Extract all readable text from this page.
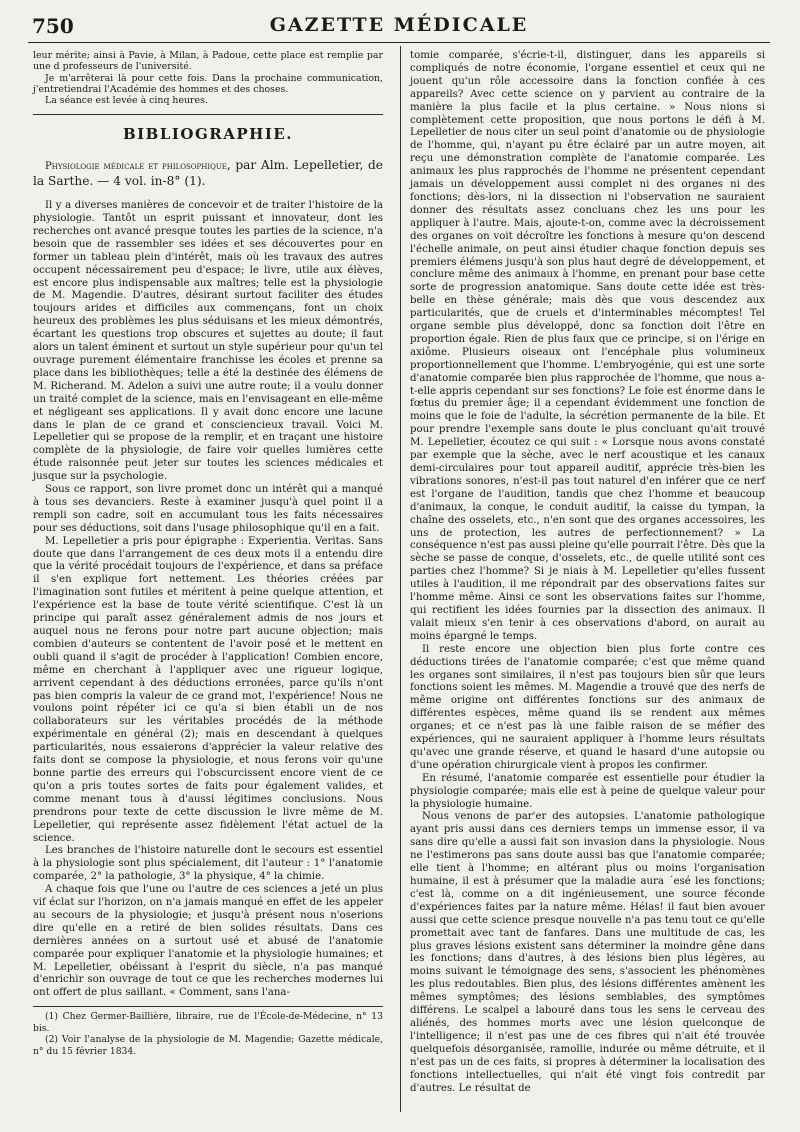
750	GAZETTE MÉDICALE

leur mérite; ainsi à Pavie, à Milan, à Padoue, cette place est remplie par une d professeurs de l'université.

Je m'arrêterai là pour cette fois. Dans la prochaine communication, j'entretiendrai l'Académie des hommes et des choses.

La séance est levée à cinq heures.

BIBLIOGRAPHIE.
Physiologie médicale et philosophique, par Alm. Lepelletier, de la Sarthe. — 4 vol. in-8° (1).

Il y a diverses manières de concevoir et de traiter l'histoire de la physiologie. Tantôt un esprit puissant et innovateur, dont les recherches ont avancé presque toutes les parties de la science, n'a besoin que de rassembler ses idées et ses découvertes pour en former un tableau plein d'intérêt, mais où les travaux des autres occupent nécessairement peu d'espace; le livre, utile aux élèves, est encore plus indispensable aux maîtres; telle est la physiologie de M. Magendie. D'autres, désirant surtout faciliter des études toujours arides et difficiles aux commençans, font un choix heureux des problèmes les plus séduisans et les mieux démontrés, écartant les questions trop obscures et sujettes au doute; il faut alors un talent éminent et surtout un style supérieur pour qu'un tel ouvrage purement élémentaire franchisse les écoles et prenne sa place dans les bibliothèques; telle a été la destinée des élémens de M. Richerand. M. Adelon a suivi une autre route; il a voulu donner un traité complet de la science, mais en l'envisageant en elle-même et négligeant ses applications. Il y avait donc encore une lacune dans le plan de ce grand et consciencieux travail. Voici M. Lepelletier qui se propose de la remplir, et en traçant une histoire complète de la physiologie, de faire voir quelles lumières cette étude raisonnée peut jeter sur toutes les sciences médicales et jusque sur la psychologie.

Sous ce rapport, son livre promet donc un intérêt qui a manqué à tous ses devanciers. Reste à examiner jusqu'à quel point il a rempli son cadre, soit en accumulant tous les faits nécessaires pour ses déductions, soit dans l'usage philosophique qu'il en a fait.

M. Lepelletier a pris pour épigraphe : Experientia. Veritas. Sans doute que dans l'arrangement de ces deux mots il a entendu dire que la vérité procédait toujours de l'expérience, et dans sa préface il s'en explique fort nettement. Les théories créées par l'imagination sont futiles et méritent à peine quelque attention, et l'expérience est la base de toute vérité scientifique. C'est là un principe qui paraît assez généralement admis de nos jours et auquel nous ne ferons pour notre part aucune objection; mais combien d'auteurs se contentent de l'avoir posé et le mettent en oubli quand il s'agit de procéder à l'application! Combien encore, même en cherchant à l'appliquer avec une rigueur logique, arrivent cependant à des déductions erronées, parce qu'ils n'ont pas bien compris la valeur de ce grand mot, l'expérience! Nous ne voulons point répéter ici ce qu'a si bien établi un de nos collaborateurs sur les véritables procédés de la méthode expérimentale en général (2); mais en descendant à quelques particularités, nous essaierons d'apprécier la valeur relative des faits dont se compose la physiologie, et nous ferons voir qu'une bonne partie des erreurs qui l'obscurcissent encore vient de ce qu'on a pris toutes sortes de faits pour également valides, et comme menant tous à d'aussi légitimes conclusions. Nous prendrons pour texte de cette discussion le livre même de M. Lepelletier, qui représente assez fidèlement l'état actuel de la science.

Les branches de l'histoire naturelle dont le secours est essentiel à la physiologie sont plus spécialement, dit l'auteur : 1° l'anatomie comparée, 2° la pathologie, 3° la physique, 4° la chimie.

A chaque fois que l'une ou l'autre de ces sciences a jeté un plus vif éclat sur l'horizon, on n'a jamais manqué en effet de les appeler au secours de la physiologie; et jusqu'à présent nous n'oserions dire qu'elle en a retiré de bien solides résultats. Dans ces dernières années on a surtout usé et abusé de l'anatomie comparée pour expliquer l'anatomie et la physiologie humaines; et M. Lepelletier, obéissant à l'esprit du siècle, n'a pas manqué d'enrichir son ouvrage de tout ce que les recherches modernes lui ont offert de plus saillant. « Comment, sans l'ana-

(1) Chez Germer-Baillière, libraire, rue de l'École-de-Médecine, n° 13 bis.

(2) Voir l'analyse de la physiologie de M. Magendie; Gazette médicale, n° du 15 février 1834.

tomie comparée, s'écrie-t-il, distinguer, dans les appareils si compliqués de notre économie, l'organe essentiel et ceux qui ne jouent qu'un rôle accessoire dans la fonction confiée à ces appareils? Avec cette science on y parvient au contraire de la manière la plus facile et la plus certaine. » Nous nions si complètement cette proposition, que nous portons le défi à M. Lepelletier de nous citer un seul point d'anatomie ou de physiologie de l'homme, qui, n'ayant pu être éclairé par un autre moyen, ait reçu une démonstration complète de l'anatomie comparée. Les animaux les plus rapprochés de l'homme ne présentent cependant jamais un développement aussi complet ni des organes ni des fonctions; dès-lors, ni la dissection ni l'observation ne sauraient donner des résultats assez concluans chez les uns pour les appliquer à l'autre. Mais, ajoute-t-on, comme avec la décroissement des organes on voit décroître les fonctions à mesure qu'on descend l'échelle animale, on peut ainsi étudier chaque fonction depuis ses premiers élémens jusqu'à son plus haut degré de développement, et conclure même des animaux à l'homme, en prenant pour base cette sorte de progression anatomique. Sans doute cette idée est très-belle en thèse générale; mais dès que vous descendez aux particularités, que de cruels et d'interminables mécomptes! Tel organe semble plus développé, donc sa fonction doit l'être en proportion égale. Rien de plus faux que ce principe, si on l'érige en axiôme. Plusieurs oiseaux ont l'encéphale plus volumineux proportionnellement que l'homme. L'embryogénie, qui est une sorte d'anatomie comparée bien plus rapprochée de l'homme, que nous a-t-elle appris cependant sur ses fonctions? Le foie est énorme dans le fœtus du premier âge; il a cependant évidemment une fonction de moins que le foie de l'adulte, la sécrétion permanente de la bile. Et pour prendre l'exemple sans doute le plus concluant qu'ait trouvé M. Lepelletier, écoutez ce qui suit : « Lorsque nous avons constaté par exemple que la sèche, avec le nerf acoustique et les canaux demi-circulaires pour tout appareil auditif, apprécie très-bien les vibrations sonores, n'est-il pas tout naturel d'en inférer que ce nerf est l'organe de l'audition, tandis que chez l'homme et beaucoup d'animaux, la conque, le conduit auditif, la caisse du tympan, la chaîne des osselets, etc., n'en sont que des organes accessoires, les uns de protection, les autres de perfectionnement? » La conséquence n'est pas aussi pleine qu'elle pourrait l'être. Dès que la sèche se passe de conque, d'osselets, etc., de quelle utilité sont ces parties chez l'homme? Si je niais à M. Lepelletier qu'elles fussent utiles à l'audition, il me répondrait par des observations faites sur l'homme même. Ainsi ce sont les observations faites sur l'homme, qui rectifient les idées fournies par la dissection des animaux. Il valait mieux s'en tenir à ces observations d'abord, on aurait au moins épargné le temps.

Il reste encore une objection bien plus forte contre ces déductions tirées de l'anatomie comparée; c'est que même quand les organes sont similaires, il n'est pas toujours bien sûr que leurs fonctions soient les mêmes. M. Magendie a trouvé que des nerfs de même origine ont différentes fonctions sur des animaux de différentes espèces, même quand ils se rendent aux mêmes organes; et ce n'est pas là une faible raison de se méfier des expériences, qui ne sauraient appliquer à l'homme leurs résultats qu'avec une grande réserve, et quand le hasard d'une autopsie ou d'une opération chirurgicale vient à propos les confirmer.

En résumé, l'anatomie comparée est essentielle pour étudier la physiologie comparée; mais elle est à peine de quelque valeur pour la physiologie humaine.

Nous venons de par'er des autopsies. L'anatomie pathologique ayant pris aussi dans ces derniers temps un immense essor, il va sans dire qu'elle a aussi fait son invasion dans la physiologie. Nous ne l'estimerons pas sans doute aussi bas que l'anatomie comparée; elle tient à l'homme; en altérant plus ou moins l'organisation humaine, il est à présumer que la maladie aura ´esé les fonctions; c'est là, comme on a dit ingénieusement, une source féconde d'expériences faites par la nature même. Hélas! il faut bien avouer aussi que cette science presque nouvelle n'a pas tenu tout ce qu'elle promettait avec tant de fanfares. Dans une multitude de cas, les plus graves lésions existent sans déterminer la moindre gêne dans les fonctions; dans d'autres, à des lésions bien plus légères, au moins suivant le témoignage des sens, s'associent les phénomènes les plus redoutables. Bien plus, des lésions différentes amènent les mêmes symptômes; des lésions semblables, des symptômes différens. Le scalpel a labouré dans tous les sens le cerveau des aliénés, des hommes morts avec une lésion quelconque de l'intelligence; il n'est pas une de ces fibres qui n'ait été trouvée quelquefois désorganisée, ramollie, indurée ou même détruite, et il n'est pas un de ces faits, si propres à déterminer la localisation des fonctions intellectuelles, qui n'ait été vingt fois contredit par d'autres. Le résultat de
